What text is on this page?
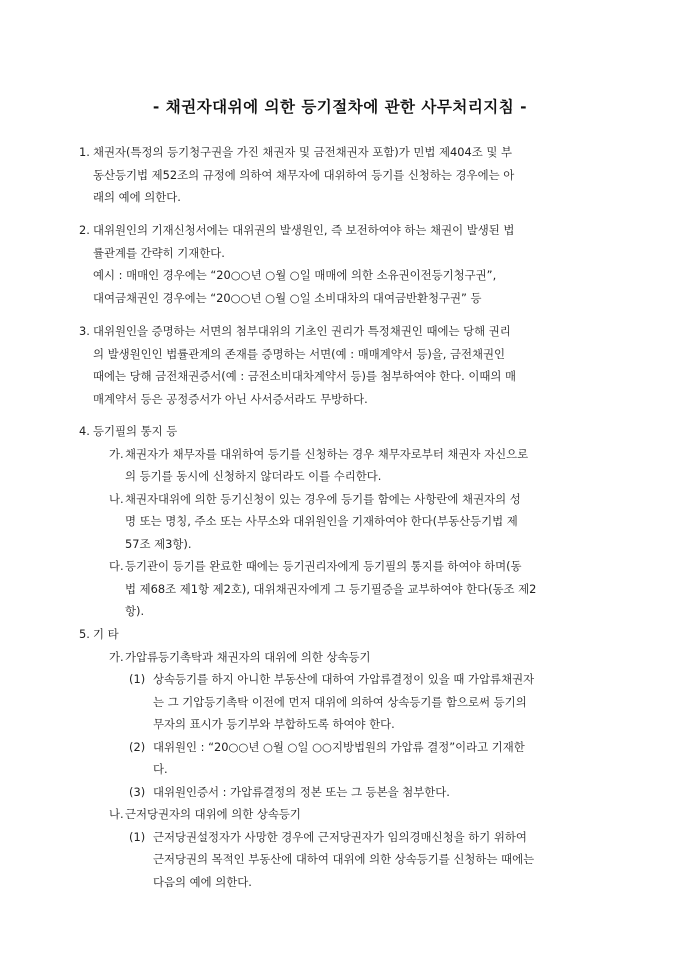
- 채권자대위에 의한 등기절차에 관한 사무처리지침 -
1. 채권자(특정의 등기청구권을 가진 채권자 및 금전채권자 포함)가 민법 제404조 및 부
동산등기법 제52조의 규정에 의하여 채무자에 대위하여 등기를 신청하는 경우에는 아
래의 예에 의한다.
2. 대위원인의 기재신청서에는 대위권의 발생원인, 즉 보전하여야 하는 채권이 발생된 법
률관계를 간략히 기재한다.
예시 : 매매인 경우에는 “20○○년 ○월 ○일 매매에 의한 소유권이전등기청구권”,
대여금채권인 경우에는 “20○○년 ○월 ○일 소비대차의 대여금반환청구권” 등
3. 대위원인을 증명하는 서면의 첨부대위의 기초인 권리가 특정채권인 때에는 당해 권리
의 발생원인인 법률관계의 존재를 증명하는 서면(예 : 매매계약서 등)을, 금전채권인
때에는 당해 금전채권증서(예 : 금전소비대차계약서 등)를 첨부하여야 한다. 이때의 매
매계약서 등은 공정증서가 아닌 사서증서라도 무방하다.
4. 등기필의 통지 등
가.채권자가 채무자를 대위하여 등기를 신청하는 경우 채무자로부터 채권자 자신으로
의 등기를 동시에 신청하지 않더라도 이를 수리한다.
나.채권자대위에 의한 등기신청이 있는 경우에 등기를 함에는 사항란에 채권자의 성
명 또는 명칭, 주소 또는 사무소와 대위원인을 기재하여야 한다(부동산등기법 제
57조 제3항).
다.등기관이 등기를 완료한 때에는 등기권리자에게 등기필의 통지를 하여야 하며(동
법 제68조 제1항 제2호), 대위채권자에게 그 등기필증을 교부하여야 한다(동조 제2
항).
5. 기 타
가.가압류등기촉탁과 채권자의 대위에 의한 상속등기
(1) 상속등기를 하지 아니한 부동산에 대하여 가압류결정이 있을 때 가압류채권자
는 그 기압등기촉탁 이전에 먼저 대위에 의하여 상속등기를 함으로써 등기의
무자의 표시가 등기부와 부합하도록 하여야 한다.
(2) 대위원인 : “20○○년 ○월 ○일 ○○지방법원의 가압류 결정”이라고 기재한
다.
(3) 대위원인증서 : 가압류결정의 정본 또는 그 등본을 첨부한다.
나.근저당권자의 대위에 의한 상속등기
(1) 근저당권설정자가 사망한 경우에 근저당권자가 임의경매신청을 하기 위하여
근저당권의 목적인 부동산에 대하여 대위에 의한 상속등기를 신청하는 때에는
다음의 예에 의한다.
